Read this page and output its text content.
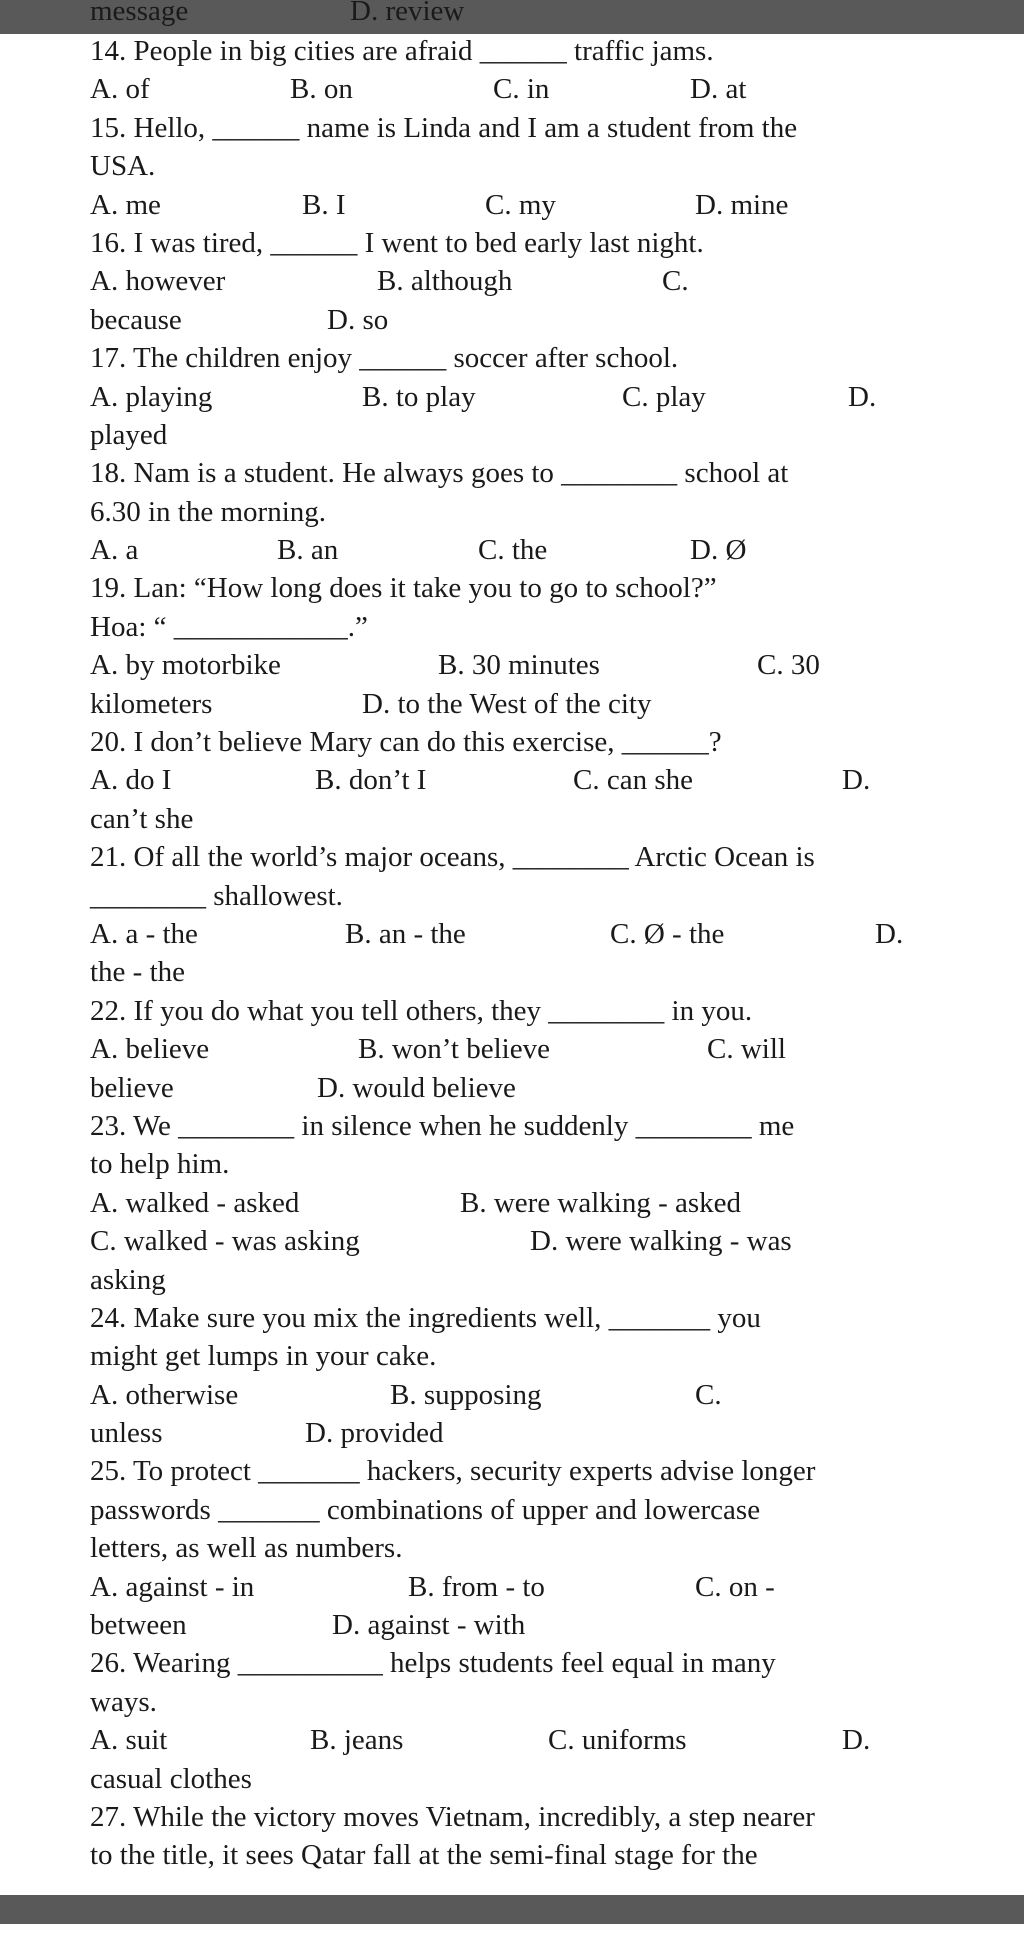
message

	D. review

14. People in big cities are afraid ______ traffic jams.

A. of

	B. on

	C. in

	D. at

15. Hello, ______ name is Linda and I am a student from the

USA.

A. me

	B. I

	C. my

	D. mine

16. I was tired, ______ I went to bed early last night.

A. however

	B. although

	C.

because

	D. so

17. The children enjoy ______ soccer after school.

A. playing

	B. to play

	C. play

	D.

played

18. Nam is a student. He always goes to ________ school at

6.30 in the morning.

A. a

	B. an

	C. the

	D. Ø

19. Lan: “How long does it take you to go to school?”

Hoa: “ ____________.”

A. by motorbike

	B. 30 minutes

	C. 30

kilometers

	D. to the West of the city

20. I don’t believe Mary can do this exercise, ______?

A. do I

	B. don’t I

	C. can she

	D.

can’t she

21. Of all the world’s major oceans, ________ Arctic Ocean is

________ shallowest.

A. a - the

	B. an - the

	C. Ø - the

	D.

the - the

22. If you do what you tell others, they ________ in you.

A. believe

	B. won’t believe

	C. will

believe

	D. would believe

23. We ________ in silence when he suddenly ________ me

to help him.

A. walked - asked

	B. were walking - asked

C. walked - was asking

	D. were walking - was

asking

24. Make sure you mix the ingredients well, _______ you

might get lumps in your cake.

A. otherwise

	B. supposing

	C.

unless

	D. provided

25. To protect _______ hackers, security experts advise longer

passwords _______ combinations of upper and lowercase

letters, as well as numbers.

A. against - in

	B. from - to

	C. on -

between

	D. against - with

26. Wearing __________ helps students feel equal in many

ways.

A. suit

	B. jeans

	C. uniforms

	D.

casual clothes

27. While the victory moves Vietnam, incredibly, a step nearer

to the title, it sees Qatar fall at the semi-final stage for the
